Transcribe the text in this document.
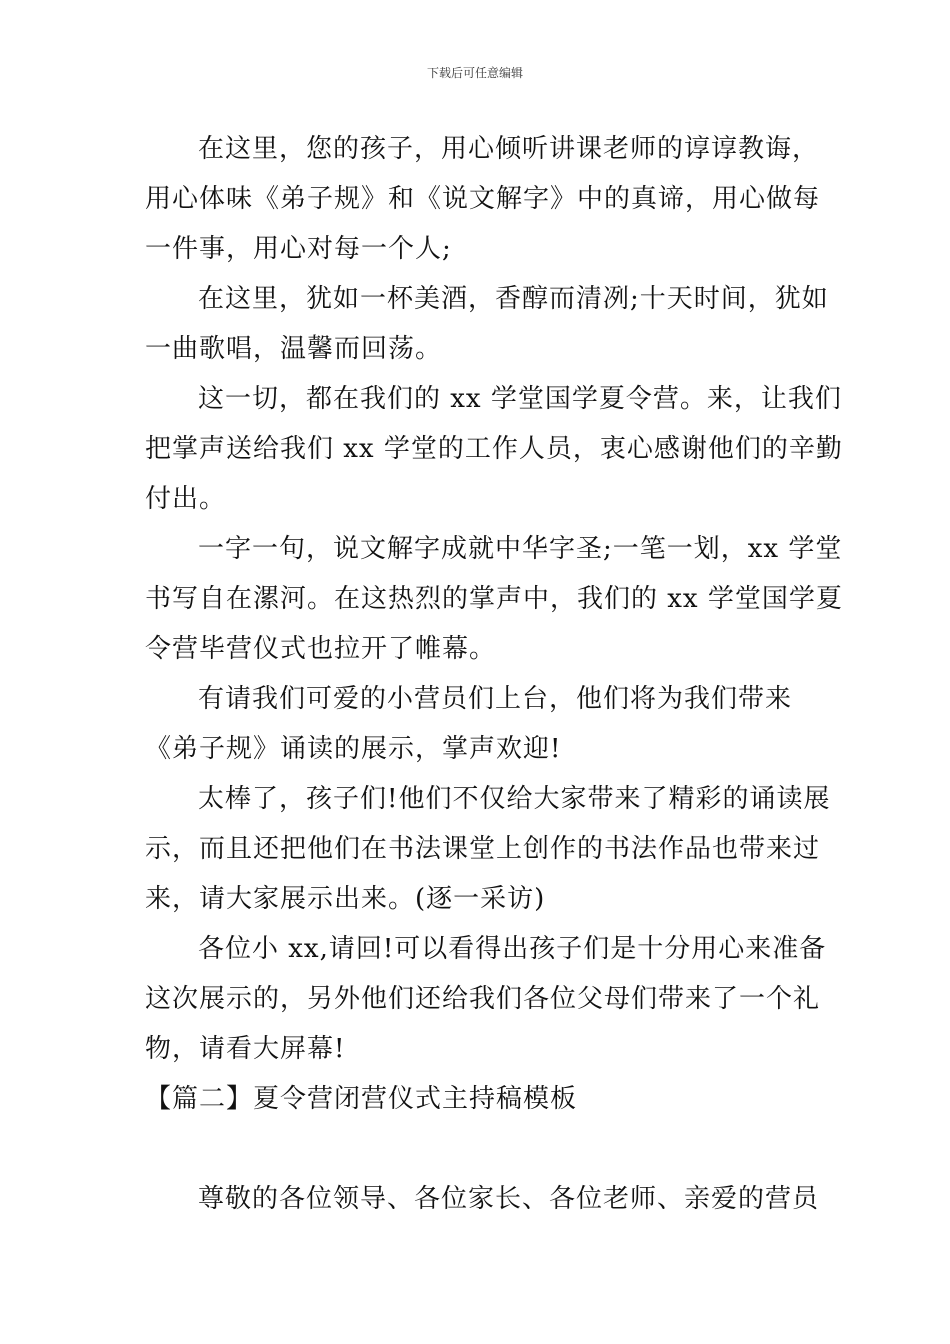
下载后可任意编辑
在这里，您的孩子，用心倾听讲课老师的谆谆教诲，
用心体味《弟子规》和《说文解字》中的真谛，用心做每
一件事，用心对每一个人;
在这里，犹如一杯美酒，香醇而清冽;十天时间，犹如
一曲歌唱，温馨而回荡。
这一切，都在我们的 xx 学堂国学夏令营。来，让我们
把掌声送给我们 xx 学堂的工作人员，衷心感谢他们的辛勤
付出。
一字一句，说文解字成就中华字圣;一笔一划，xx 学堂
书写自在漯河。在这热烈的掌声中，我们的 xx 学堂国学夏
令营毕营仪式也拉开了帷幕。
有请我们可爱的小营员们上台，他们将为我们带来
《弟子规》诵读的展示，掌声欢迎!
太棒了，孩子们!他们不仅给大家带来了精彩的诵读展
示，而且还把他们在书法课堂上创作的书法作品也带来过
来，请大家展示出来。(逐一采访)
各位小 xx,请回!可以看得出孩子们是十分用心来准备
这次展示的，另外他们还给我们各位父母们带来了一个礼
物，请看大屏幕!
【篇二】夏令营闭营仪式主持稿模板
尊敬的各位领导、各位家长、各位老师、亲爱的营员
